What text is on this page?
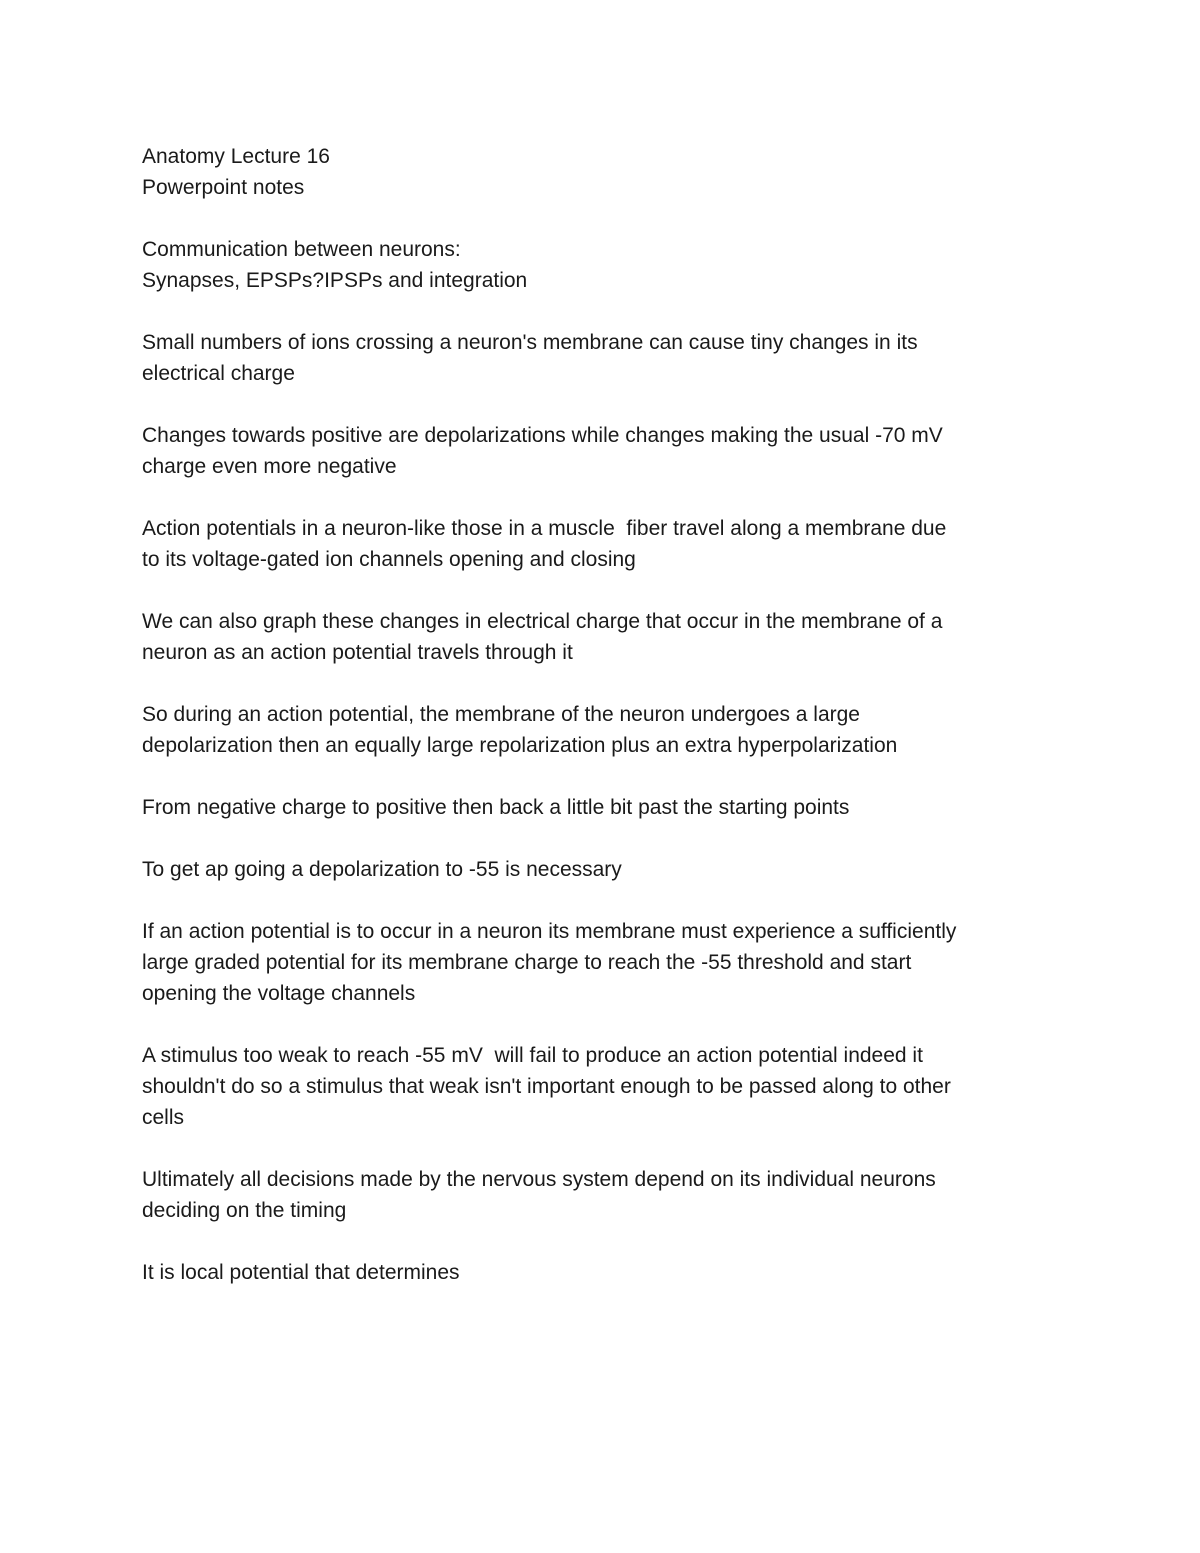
Anatomy Lecture 16
Powerpoint notes
Communication between neurons:
Synapses, EPSPs?IPSPs and integration
Small numbers of ions crossing a neuron's membrane can cause tiny changes in its
electrical charge
Changes towards positive are depolarizations while changes making the usual -70 mV
charge even more negative
Action potentials in a neuron-like those in a muscle  fiber travel along a membrane due
to its voltage-gated ion channels opening and closing
We can also graph these changes in electrical charge that occur in the membrane of a
neuron as an action potential travels through it
So during an action potential, the membrane of the neuron undergoes a large
depolarization then an equally large repolarization plus an extra hyperpolarization
From negative charge to positive then back a little bit past the starting points
To get ap going a depolarization to -55 is necessary
If an action potential is to occur in a neuron its membrane must experience a sufficiently
large graded potential for its membrane charge to reach the -55 threshold and start
opening the voltage channels
A stimulus too weak to reach -55 mV  will fail to produce an action potential indeed it
shouldn't do so a stimulus that weak isn't important enough to be passed along to other
cells
Ultimately all decisions made by the nervous system depend on its individual neurons
deciding on the timing
It is local potential that determines
